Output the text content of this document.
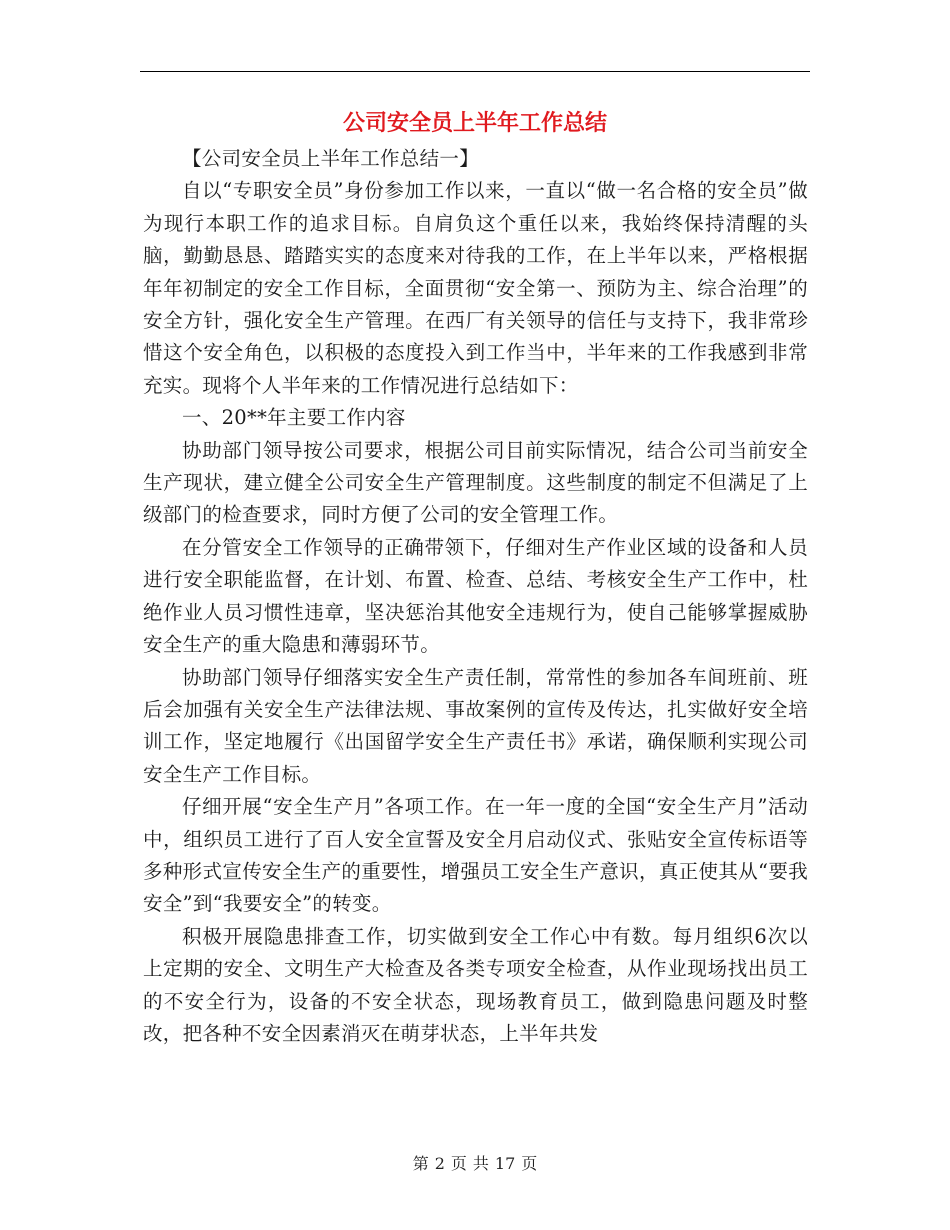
公司安全员上半年工作总结

【公司安全员上半年工作总结一】

自以“专职安全员”身份参加工作以来，一直以“做一名合格的安全员”做为现行本职工作的追求目标。自肩负这个重任以来，我始终保持清醒的头脑，勤勤恳恳、踏踏实实的态度来对待我的工作，在上半年以来，严格根据年年初制定的安全工作目标，全面贯彻“安全第一、预防为主、综合治理”的安全方针，强化安全生产管理。在西厂有关领导的信任与支持下，我非常珍惜这个安全角色，以积极的态度投入到工作当中，半年来的工作我感到非常充实。现将个人半年来的工作情况进行总结如下：

一、20**年主要工作内容

协助部门领导按公司要求，根据公司目前实际情况，结合公司当前安全生产现状，建立健全公司安全生产管理制度。这些制度的制定不但满足了上级部门的检查要求，同时方便了公司的安全管理工作。

在分管安全工作领导的正确带领下，仔细对生产作业区域的设备和人员进行安全职能监督，在计划、布置、检查、总结、考核安全生产工作中，杜绝作业人员习惯性违章，坚决惩治其他安全违规行为，使自己能够掌握威胁安全生产的重大隐患和薄弱环节。

协助部门领导仔细落实安全生产责任制，常常性的参加各车间班前、班后会加强有关安全生产法律法规、事故案例的宣传及传达，扎实做好安全培训工作，坚定地履行《出国留学安全生产责任书》承诺，确保顺利实现公司安全生产工作目标。

仔细开展“安全生产月”各项工作。在一年一度的全国“安全生产月”活动中，组织员工进行了百人安全宣誓及安全月启动仪式、张贴安全宣传标语等多种形式宣传安全生产的重要性，增强员工安全生产意识，真正使其从“要我安全”到“我要安全”的转变。

积极开展隐患排查工作，切实做到安全工作心中有数。每月组织6次以上定期的安全、文明生产大检查及各类专项安全检查，从作业现场找出员工的不安全行为，设备的不安全状态，现场教育员工，做到隐患问题及时整改，把各种不安全因素消灭在萌芽状态，上半年共发

第 2 页 共 17 页
